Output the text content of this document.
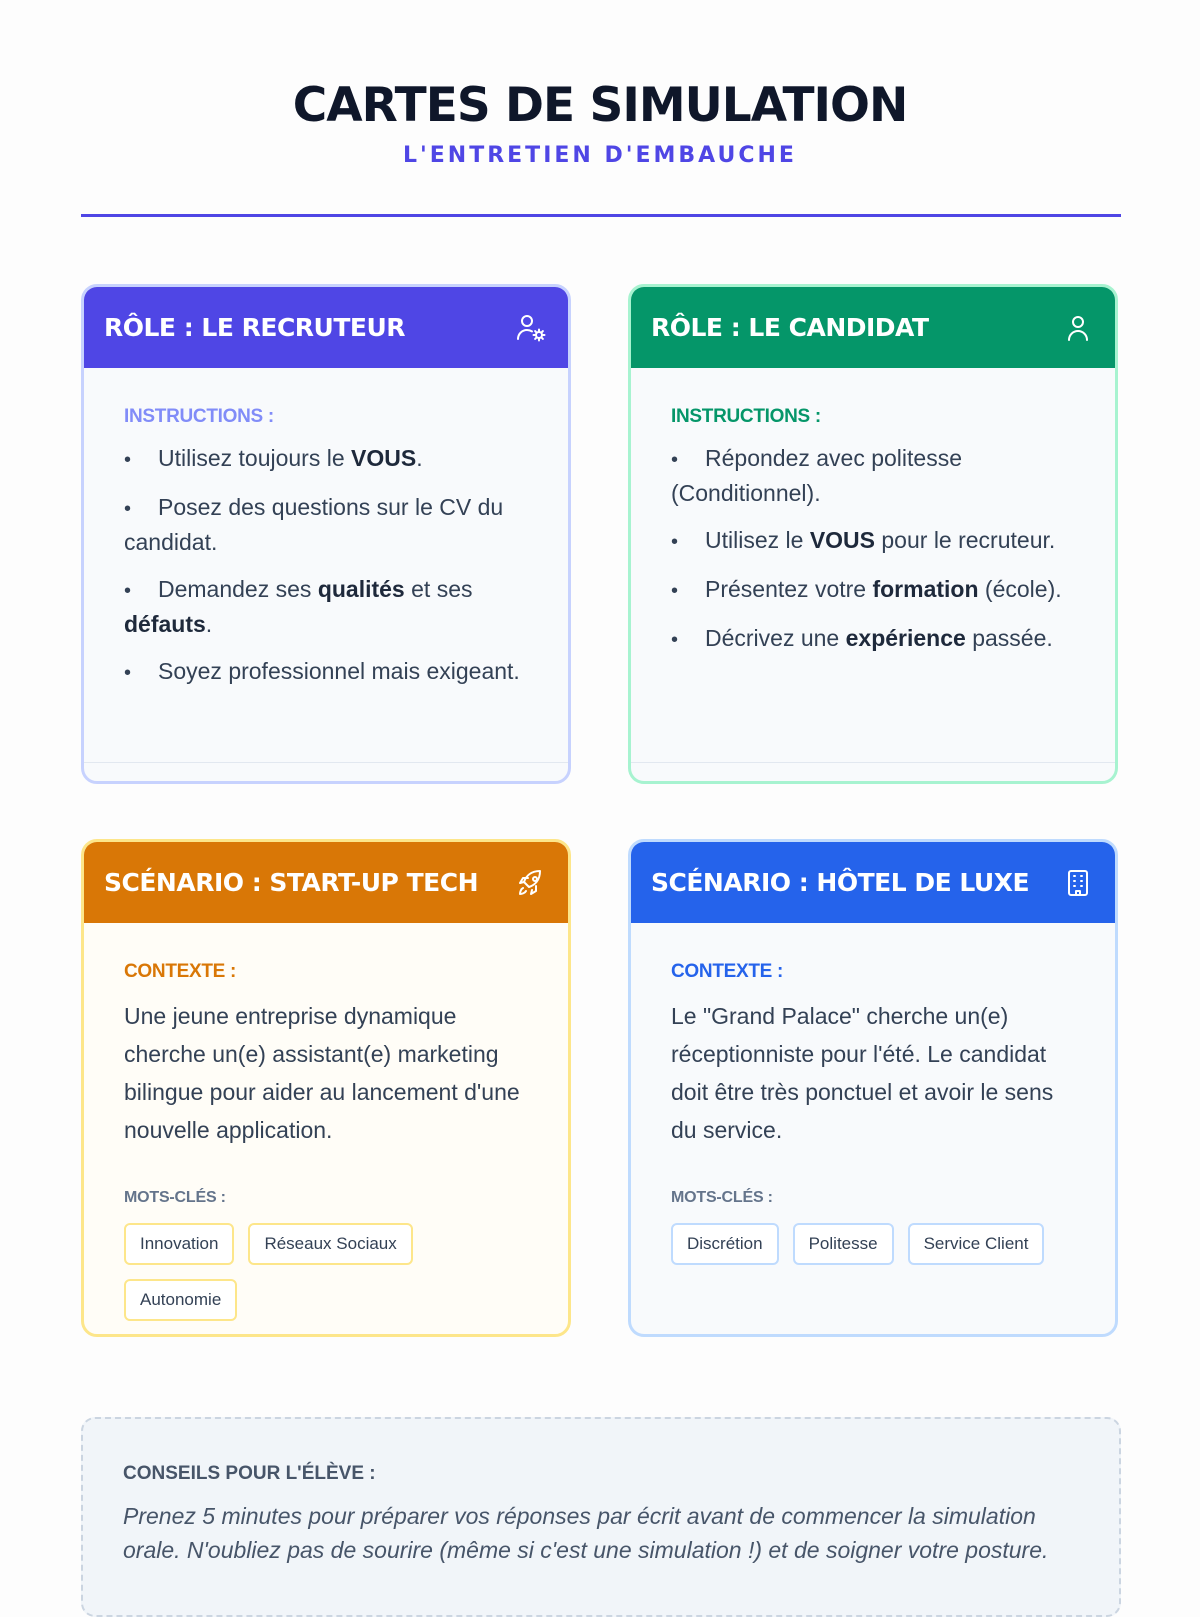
CARTES DE SIMULATION
L'ENTRETIEN D'EMBAUCHE
RÔLE : LE RECRUTEUR
INSTRUCTIONS :
• Utilisez toujours le VOUS.
• Posez des questions sur le CV du candidat.
• Demandez ses qualités et ses défauts.
• Soyez professionnel mais exigeant.
RÔLE : LE CANDIDAT
INSTRUCTIONS :
• Répondez avec politesse (Conditionnel).
• Utilisez le VOUS pour le recruteur.
• Présentez votre formation (école).
• Décrivez une expérience passée.
SCÉNARIO : START-UP TECH
CONTEXTE :
Une jeune entreprise dynamique cherche un(e) assistant(e) marketing bilingue pour aider au lancement d'une nouvelle application.
MOTS-CLÉS :
Innovation	Réseaux Sociaux
Autonomie
SCÉNARIO : HÔTEL DE LUXE
CONTEXTE :
Le "Grand Palace" cherche un(e) réceptionniste pour l'été. Le candidat doit être très ponctuel et avoir le sens du service.
MOTS-CLÉS :
Discrétion	Politesse	Service Client
CONSEILS POUR L'ÉLÈVE :
Prenez 5 minutes pour préparer vos réponses par écrit avant de commencer la simulation orale. N'oubliez pas de sourire (même si c'est une simulation !) et de soigner votre posture.
